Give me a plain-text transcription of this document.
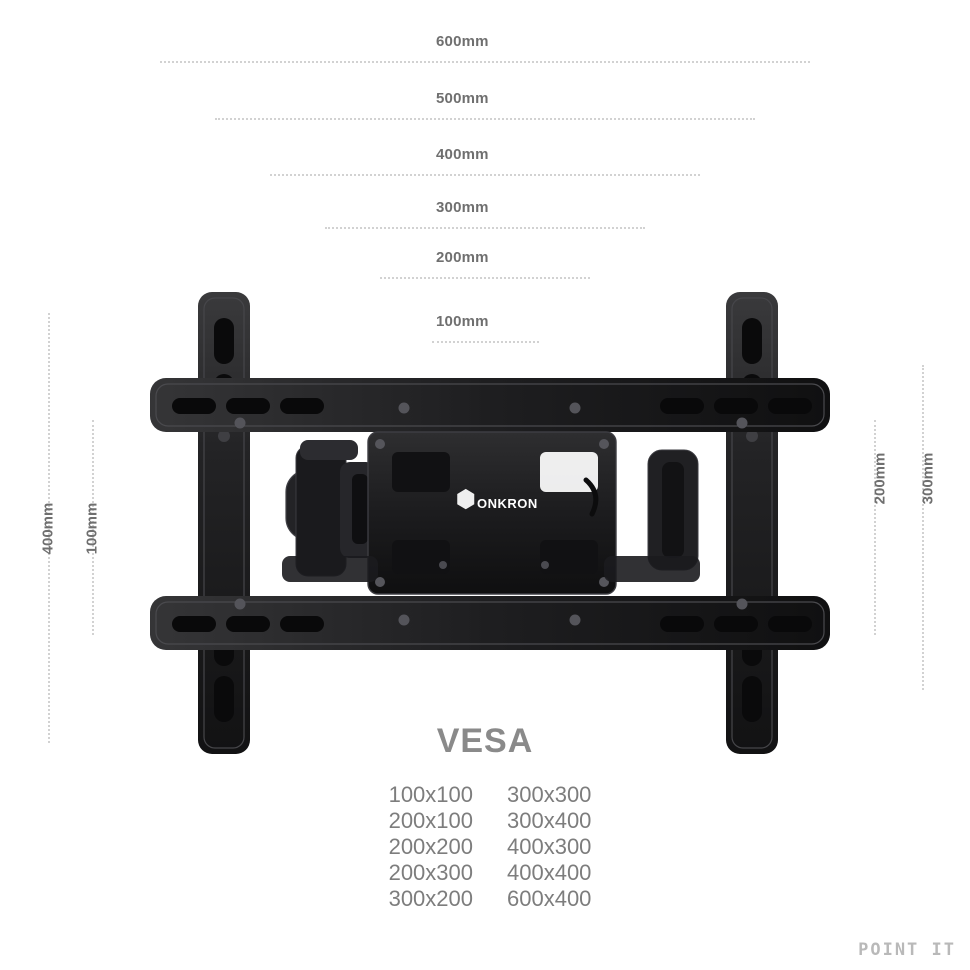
600mm
500mm
400mm
300mm
200mm
100mm
400mm 100mm
200mm 300mm
ONKRON
VESA
100x100
200x100
200x200
200x300
300x200
300x300
300x400
400x300
400x400
600x400
POINT IT
